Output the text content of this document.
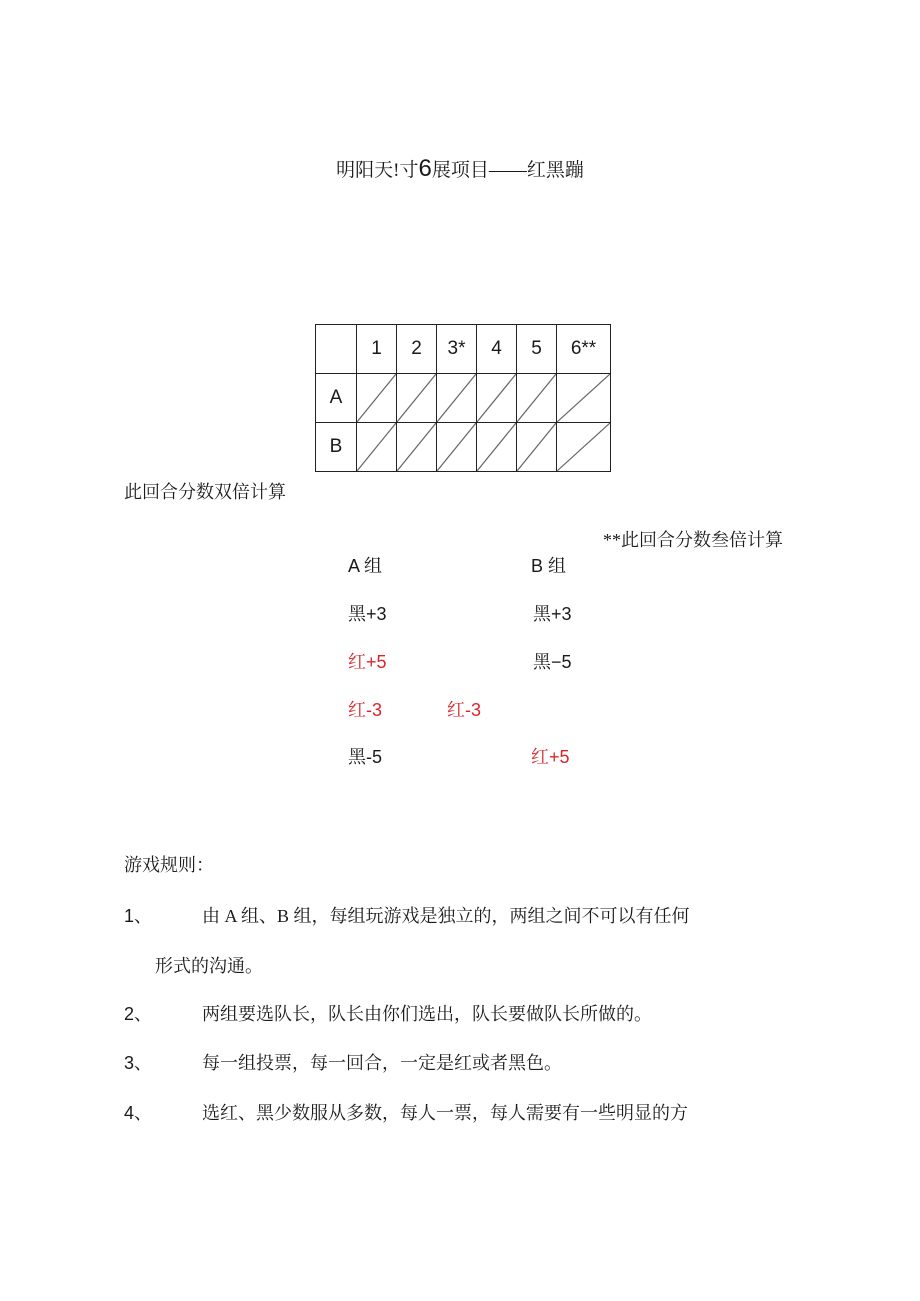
明阳天!寸6展项目——红黑蹦
	1	2	3*	4	5	6**
A	

B	

此回合分数双倍计算
**此回合分数叁倍计算
A 组	B 组
黑+3	黑+3
红+5	黑−5
红-3	红-3
黑-5	红+5
游戏规则：
1、	由 A 组、B 组，每组玩游戏是独立的，两组之间不可以有任何
形式的沟通。
2、	两组要选队长，队长由你们选出，队长要做队长所做的。
3、	每一组投票，每一回合，一定是红或者黑色。
4、	选红、黑少数服从多数，每人一票，每人需要有一些明显的方
